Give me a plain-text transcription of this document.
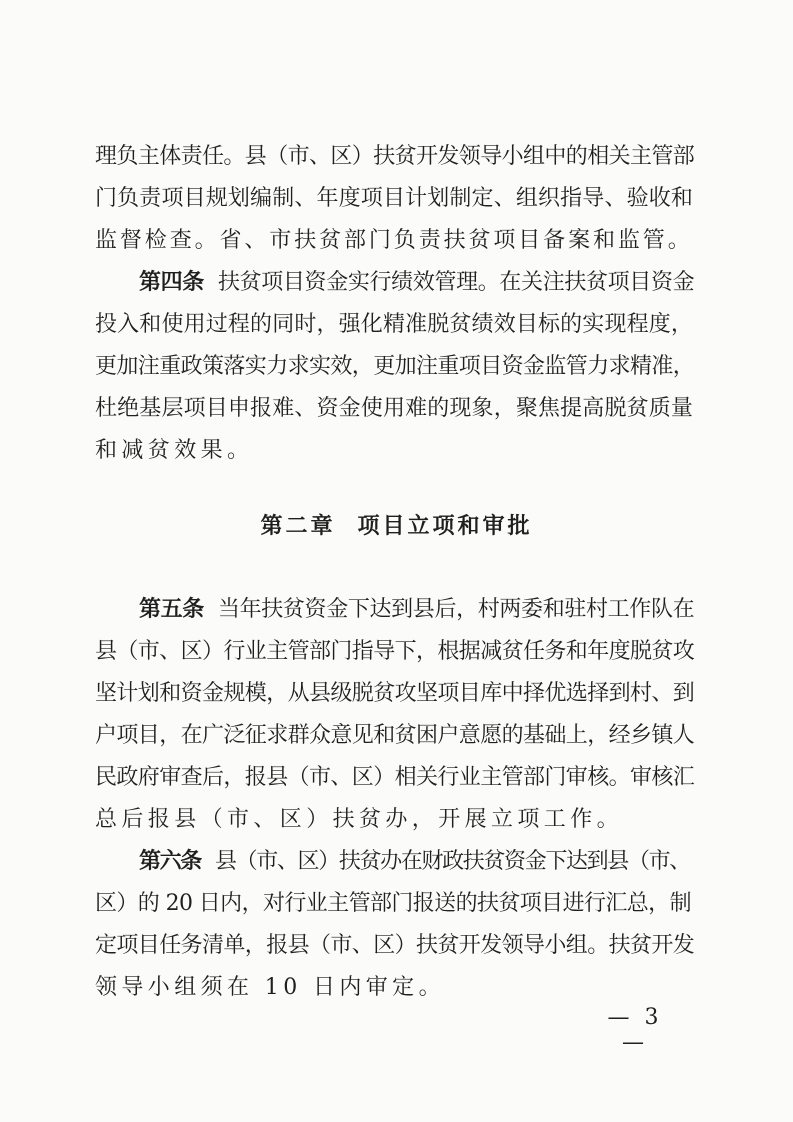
理负主体责任。县（市、区）扶贫开发领导小组中的相关主管部
门负责项目规划编制、年度项目计划制定、组织指导、验收和
监督检查。省、市扶贫部门负责扶贫项目备案和监管。
第四条 扶贫项目资金实行绩效管理。在关注扶贫项目资金
投入和使用过程的同时，强化精准脱贫绩效目标的实现程度，
更加注重政策落实力求实效，更加注重项目资金监管力求精准，
杜绝基层项目申报难、资金使用难的现象，聚焦提高脱贫质量
和减贫效果。
第二章 项目立项和审批
第五条 当年扶贫资金下达到县后，村两委和驻村工作队在
县（市、区）行业主管部门指导下，根据减贫任务和年度脱贫攻
坚计划和资金规模，从县级脱贫攻坚项目库中择优选择到村、到
户项目，在广泛征求群众意见和贫困户意愿的基础上，经乡镇人
民政府审查后，报县（市、区）相关行业主管部门审核。审核汇
总后报县（市、区）扶贫办，开展立项工作。
第六条 县（市、区）扶贫办在财政扶贫资金下达到县（市、
区）的 20 日内，对行业主管部门报送的扶贫项目进行汇总，制
定项目任务清单，报县（市、区）扶贫开发领导小组。扶贫开发
领导小组须在 10 日内审定。
— 3 —
